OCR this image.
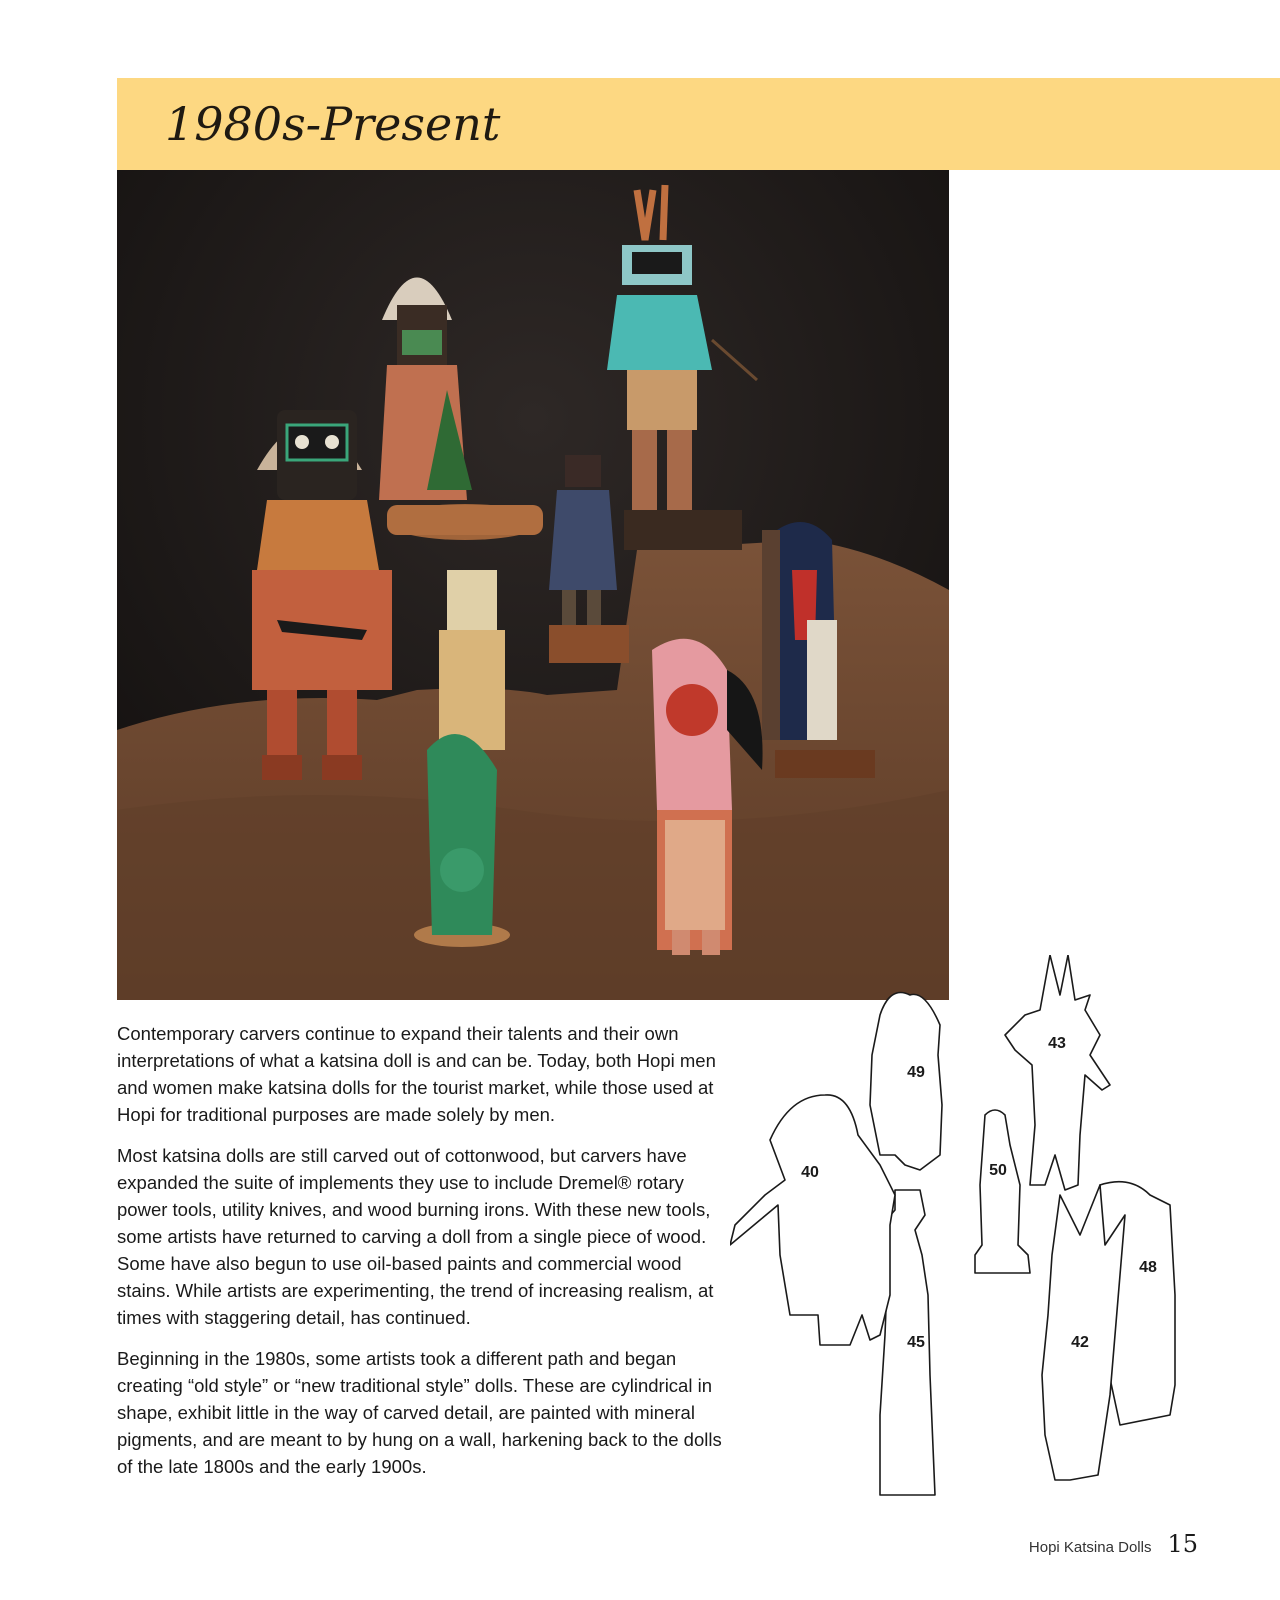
1980s-Present

Contemporary carvers continue to expand their talents and their own interpretations of what a katsina doll is and can be. Today, both Hopi men and women make katsina dolls for the tourist market, while those used at Hopi for traditional purposes are made solely by men.

Most katsina dolls are still carved out of cottonwood, but carvers have expanded the suite of implements they use to include Dremel® rotary power tools, utility knives, and wood burning irons. With these new tools, some artists have returned to carving a doll from a single piece of wood. Some have also begun to use oil-based paints and commercial wood stains. While artists are experimenting, the trend of increasing realism, at times with staggering detail, has continued.

Beginning in the 1980s, some artists took a different path and began creating “old style” or “new traditional style” dolls. These are cylindrical in shape, exhibit little in the way of carved detail, are painted with mineral pigments, and are meant to by hung on a wall, harkening back to the dolls of the late 1800s and the early 1900s.

49
43
40	50
48
45	42
Hopi Katsina Dolls 15
